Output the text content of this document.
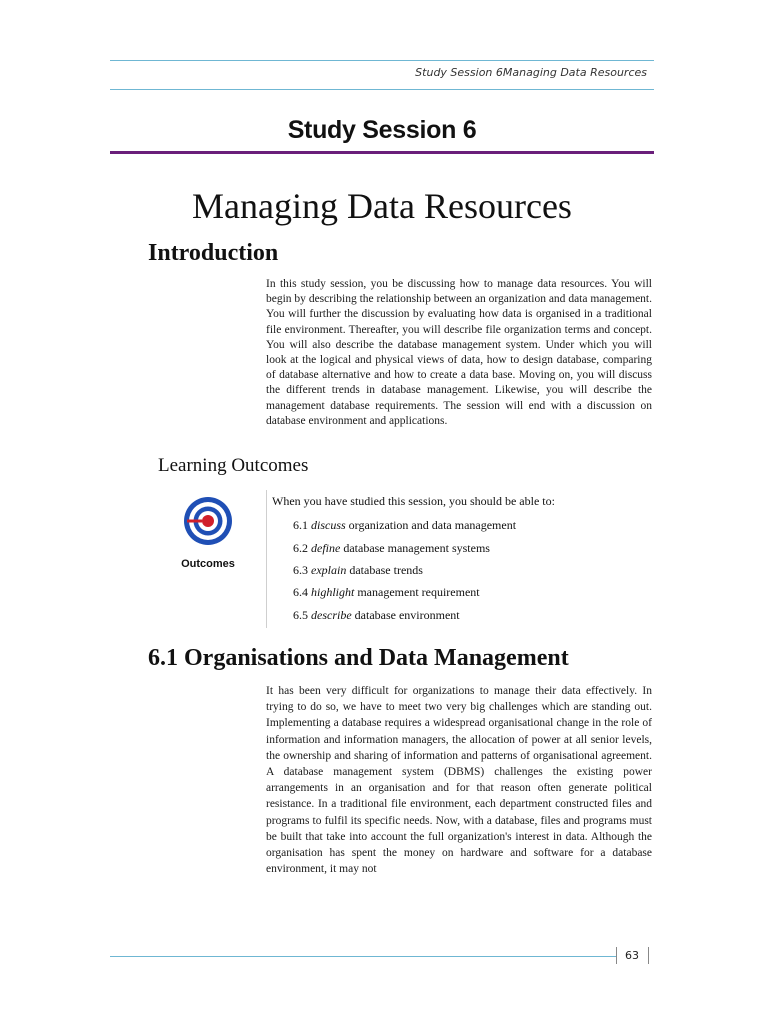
Study Session 6Managing Data Resources
Study Session 6
Managing Data Resources
Introduction
In this study session, you be discussing how to manage data resources. You will begin by describing the relationship between an organization and data management. You will further the discussion by evaluating how data is organised in a traditional file environment. Thereafter, you will describe file organization terms and concept. You will also describe the database management system. Under which you will look at the logical and physical views of data, how to design database, comparing of database alternative and how to create a data base. Moving on, you will discuss the different trends in database management. Likewise, you will describe the management database requirements. The session will end with a discussion on database environment and applications.
Learning Outcomes
Outcomes
When you have studied this session, you should be able to:
6.1 discuss organization and data management
6.2 define database management systems
6.3 explain database trends
6.4 highlight management requirement
6.5 describe database environment
6.1 Organisations and Data Management
It has been very difficult for organizations to manage their data effectively. In trying to do so, we have to meet two very big challenges which are standing out. Implementing a database requires a widespread organisational change in the role of information and information managers, the allocation of power at all senior levels, the ownership and sharing of information and patterns of organisational agreement. A database management system (DBMS) challenges the existing power arrangements in an organisation and for that reason often generate political resistance. In a traditional file environment, each department constructed files and programs to fulfil its specific needs. Now, with a database, files and programs must be built that take into account the full organization's interest in data. Although the organisation has spent the money on hardware and software for a database environment, it may not
63
